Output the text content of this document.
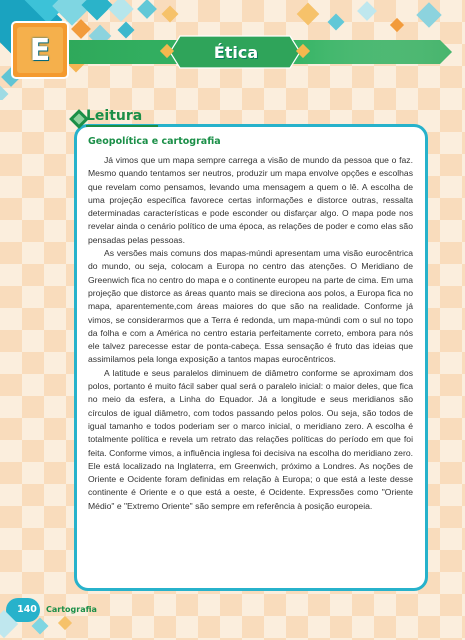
E	Ética
Leitura
Geopolítica e cartografia

Já vimos que um mapa sempre carrega a visão de mundo da pessoa que o faz. Mesmo quando tentamos ser neutros, produzir um mapa envolve opções e escolhas que revelam como pensamos, levando uma mensagem a quem o lê. A escolha de uma projeção específica favorece certas informações e distorce outras, ressalta determinadas características e pode esconder ou disfarçar algo. O mapa pode nos revelar ainda o cenário político de uma época, as relações de poder e como elas são pensadas pelas pessoas.

As versões mais comuns dos mapas-múndi apresentam uma visão eurocêntrica do mundo, ou seja, colocam a Europa no centro das atenções. O Meridiano de Greenwich fica no centro do mapa e o continente europeu na parte de cima. Em uma projeção que distorce as áreas quanto mais se direciona aos polos, a Europa fica no mapa, aparentemente,com áreas maiores do que são na realidade. Conforme já vimos, se considerarmos que a Terra é redonda, um mapa-múndi com o sul no topo da folha e com a América no centro estaria perfeitamente correto, embora para nós ele talvez parecesse estar de ponta-cabeça. Essa sensação é fruto das ideias que assimilamos pela longa exposição a tantos mapas eurocêntricos.

A latitude e seus paralelos diminuem de diâmetro conforme se aproximam dos polos, portanto é muito fácil saber qual será o paralelo inicial: o maior deles, que fica no meio da esfera, a Linha do Equador. Já a longitude e seus meridianos são círculos de igual diâmetro, com todos passando pelos polos. Ou seja, são todos de igual tamanho e todos poderiam ser o marco inicial, o meridiano zero. A escolha é totalmente política e revela um retrato das relações políticas do período em que foi feita. Conforme vimos, a influência inglesa foi decisiva na escolha do meridiano zero. Ele está localizado na Inglaterra, em Greenwich, próximo a Londres. As noções de Oriente e Ocidente foram definidas em relação à Europa; o que está a leste desse continente é Oriente e o que está a oeste, é Ocidente. Expressões como "Oriente Médio" e "Extremo Oriente" são sempre em referência à posição europeia.

140	Cartografia
